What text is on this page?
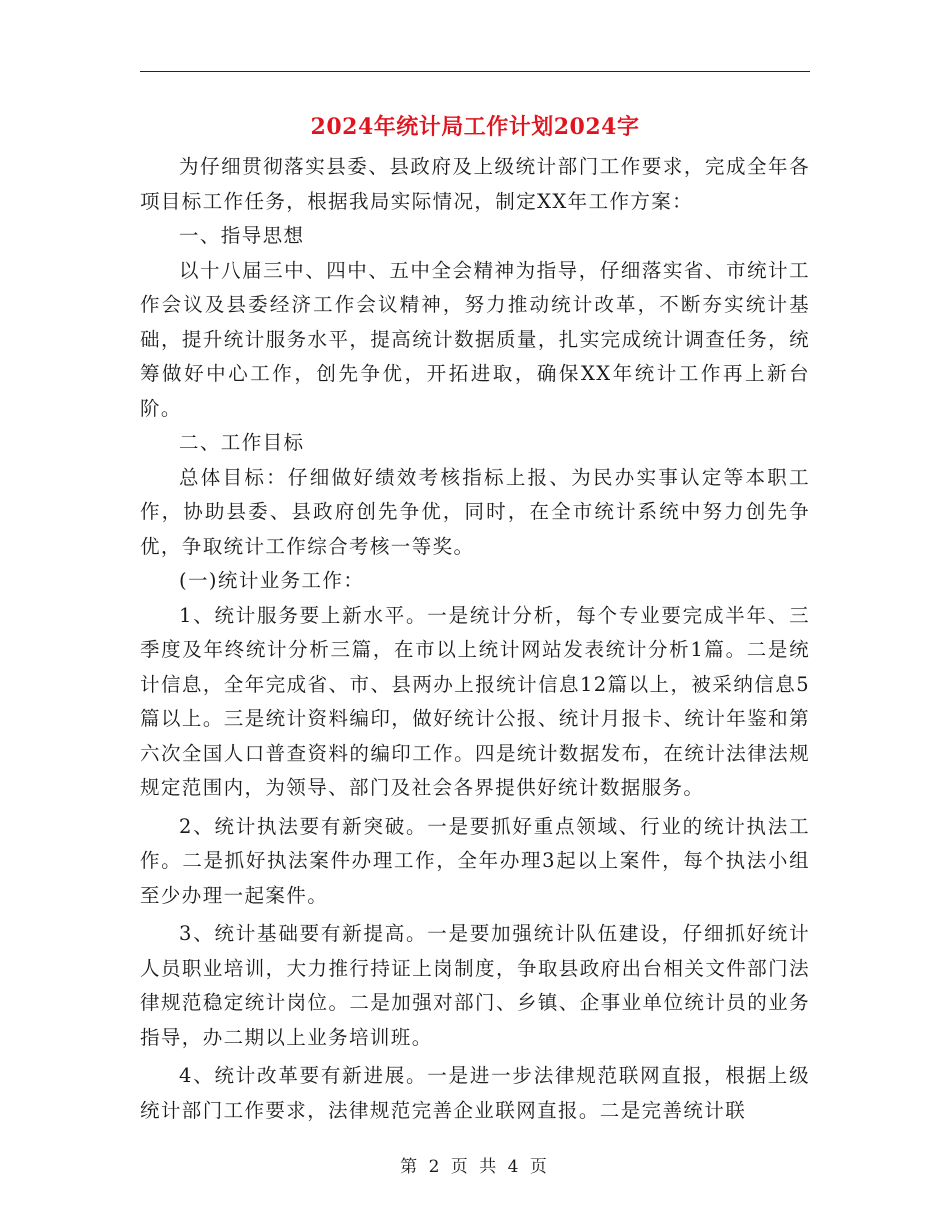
2024年统计局工作计划2024字

为仔细贯彻落实县委、县政府及上级统计部门工作要求，完成全年各项目标工作任务，根据我局实际情况，制定XX年工作方案：

一、指导思想

以十八届三中、四中、五中全会精神为指导，仔细落实省、市统计工作会议及县委经济工作会议精神，努力推动统计改革，不断夯实统计基础，提升统计服务水平，提高统计数据质量，扎实完成统计调查任务，统筹做好中心工作，创先争优，开拓进取，确保XX年统计工作再上新台阶。

二、工作目标

总体目标：仔细做好绩效考核指标上报、为民办实事认定等本职工作，协助县委、县政府创先争优，同时，在全市统计系统中努力创先争优，争取统计工作综合考核一等奖。

(一)统计业务工作：

1、统计服务要上新水平。一是统计分析，每个专业要完成半年、三季度及年终统计分析三篇，在市以上统计网站发表统计分析1篇。二是统计信息，全年完成省、市、县两办上报统计信息12篇以上，被采纳信息5篇以上。三是统计资料编印，做好统计公报、统计月报卡、统计年鉴和第六次全国人口普查资料的编印工作。四是统计数据发布，在统计法律法规规定范围内，为领导、部门及社会各界提供好统计数据服务。

2、统计执法要有新突破。一是要抓好重点领域、行业的统计执法工作。二是抓好执法案件办理工作，全年办理3起以上案件，每个执法小组至少办理一起案件。

3、统计基础要有新提高。一是要加强统计队伍建设，仔细抓好统计人员职业培训，大力推行持证上岗制度，争取县政府出台相关文件部门法律规范稳定统计岗位。二是加强对部门、乡镇、企事业单位统计员的业务指导，办二期以上业务培训班。

4、统计改革要有新进展。一是进一步法律规范联网直报，根据上级统计部门工作要求，法律规范完善企业联网直报。二是完善统计联

第 2 页 共 4 页
